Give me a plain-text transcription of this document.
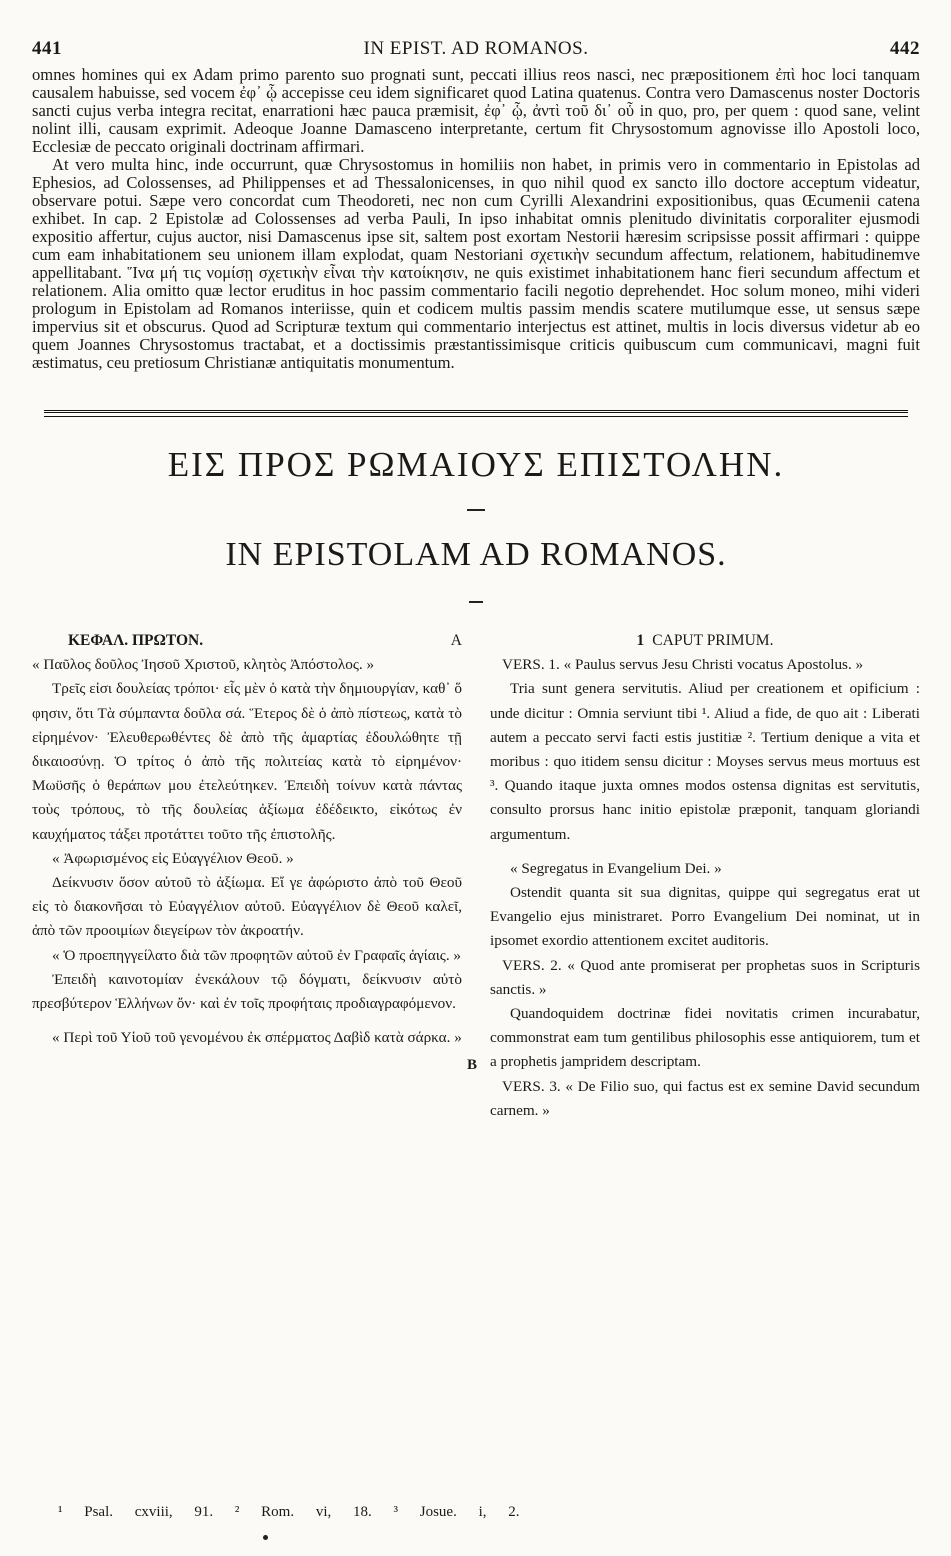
441	IN EPIST. AD ROMANOS.	442

omnes homines qui ex Adam primo parento suo prognati sunt, peccati illius reos nasci, nec præpositionem ἐπὶ hoc loci tanquam causalem habuisse, sed vocem ἐφ᾽ ᾧ accepisse ceu idem significaret quod Latina quatenus. Contra vero Damascenus noster Doctoris sancti cujus verba integra recitat, enarrationi hæc pauca præmisit, ἐφ᾽ ᾧ, ἀντὶ τοῦ δι᾽ οὗ in quo, pro, per quem : quod sane, velint nolint illi, causam exprimit. Adeoque Joanne Damasceno interpretante, certum fit Chrysostomum agnovisse illo Apostoli loco, Ecclesiæ de peccato originali doctrinam affirmari.

At vero multa hinc, inde occurrunt, quæ Chrysostomus in homiliis non habet, in primis vero in commentario in Epistolas ad Ephesios, ad Colossenses, ad Philippenses et ad Thessalonicenses, in quo nihil quod ex sancto illo doctore acceptum videatur, observare potui. Sæpe vero concordat cum Theodoreti, nec non cum Cyrilli Alexandrini expositionibus, quas Œcumenii catena exhibet. In cap. 2 Epistolæ ad Colossenses ad verba Pauli, In ipso inhabitat omnis plenitudo divinitatis corporaliter ejusmodi expositio affertur, cujus auctor, nisi Damascenus ipse sit, saltem post exortam Nestorii hæresim scripsisse possit affirmari : quippe cum eam inhabitationem seu unionem illam explodat, quam Nestoriani σχετικὴν secundum affectum, relationem, habitudinemve appellitabant. Ἵνα μή τις νομίσῃ σχετικὴν εἶναι τὴν κατοίκησιν, ne quis existimet inhabitationem hanc fieri secundum affectum et relationem. Alia omitto quæ lector eruditus in hoc passim commentario facili negotio deprehendet. Hoc solum moneo, mihi videri prologum in Epistolam ad Romanos interiisse, quin et codicem multis passim mendis scatere mutilumque esse, ut sensus sæpe impervius sit et obscurus. Quod ad Scripturæ textum qui commentario interjectus est attinet, multis in locis diversus videtur ab eo quem Joannes Chrysostomus tractabat, et a doctissimis præstantissimisque criticis quibuscum cum communicavi, magni fuit æstimatus, ceu pretiosum Christianæ antiquitatis monumentum.

ΕΙΣ ΠΡΟΣ ΡΩΜΑΙΟΥΣ ΕΠΙΣΤΟΛΗΝ.
IN EPISTOLAM AD ROMANOS.
ΚΕΦΑΛ. ΠΡΩΤΟΝ.	A

« Παῦλος δοῦλος Ἰησοῦ Χριστοῦ, κλητὸς Ἀπόστολος. »

Τρεῖς εἰσι δουλείας τρόποι· εἷς μὲν ὁ κατὰ τὴν δημιουργίαν, καθ᾽ ὅ φησιν, ὅτι Τὰ σύμπαντα δοῦλα σά. Ἕτερος δὲ ὁ ἀπὸ πίστεως, κατὰ τὸ εἰρημένον· Ἐλευθερωθέντες δὲ ἀπὸ τῆς ἁμαρτίας ἐδουλώθητε τῇ δικαιοσύνῃ. Ὁ τρίτος ὁ ἀπὸ τῆς πολιτείας κατὰ τὸ εἰρημένον· Μωϋσῆς ὁ θεράπων μου ἐτελεύτηκεν. Ἐπειδὴ τοίνυν κατὰ πάντας τοὺς τρόπους, τὸ τῆς δουλείας ἀξίωμα ἐδέδεικτο, εἰκότως ἐν καυχήματος τάξει προτάττει τοῦτο τῆς ἐπιστολῆς.

« Ἀφωρισμένος εἰς Εὐαγγέλιον Θεοῦ. »

Δείκνυσιν ὅσον αὐτοῦ τὸ ἀξίωμα. Εἴ γε ἀφώριστο ἀπὸ τοῦ Θεοῦ εἰς τὸ διακονῆσαι τὸ Εὐαγγέλιον αὐτοῦ. Εὐαγγέλιον δὲ Θεοῦ καλεῖ, ἀπὸ τῶν προοιμίων διεγείρων τὸν ἀκροατήν.

« Ὁ προεπηγγείλατο διὰ τῶν προφητῶν αὐτοῦ ἐν Γραφαῖς ἁγίαις. »

Ἐπειδὴ καινοτομίαν ἐνεκάλουν τῷ δόγματι, δείκνυσιν αὐτὸ πρεσβύτερον Ἑλλήνων ὄν· καὶ ἐν τοῖς προφήταις προδιαγραφόμενον.

« Περὶ τοῦ Υἱοῦ τοῦ γενομένου ἐκ σπέρματος Δαβὶδ κατὰ σάρκα. »

B
1 CAPUT PRIMUM.

VERS. 1. « Paulus servus Jesu Christi vocatus Apostolus. »

Tria sunt genera servitutis. Aliud per creationem et opificium : unde dicitur : Omnia serviunt tibi ¹. Aliud a fide, de quo ait : Liberati autem a peccato servi facti estis justitiæ ². Tertium denique a vita et moribus : quo itidem sensu dicitur : Moyses servus meus mortuus est ³. Quando itaque juxta omnes modos ostensa dignitas est servitutis, consulto prorsus hanc initio epistolæ præponit, tanquam gloriandi argumentum.

« Segregatus in Evangelium Dei. »

Ostendit quanta sit sua dignitas, quippe qui segregatus erat ut Evangelio ejus ministraret. Porro Evangelium Dei nominat, ut in ipsomet exordio attentionem excitet auditoris.

VERS. 2. « Quod ante promiserat per prophetas suos in Scripturis sanctis. »

Quandoquidem doctrinæ fidei novitatis crimen incurabatur, commonstrat eam tum gentilibus philosophis esse antiquiorem, tum et a prophetis jampridem descriptam.

VERS. 3. « De Filio suo, qui factus est ex semine David secundum carnem. »

¹ Psal. cxviii, 91. ² Rom. vi, 18. ³ Josue. i, 2.
